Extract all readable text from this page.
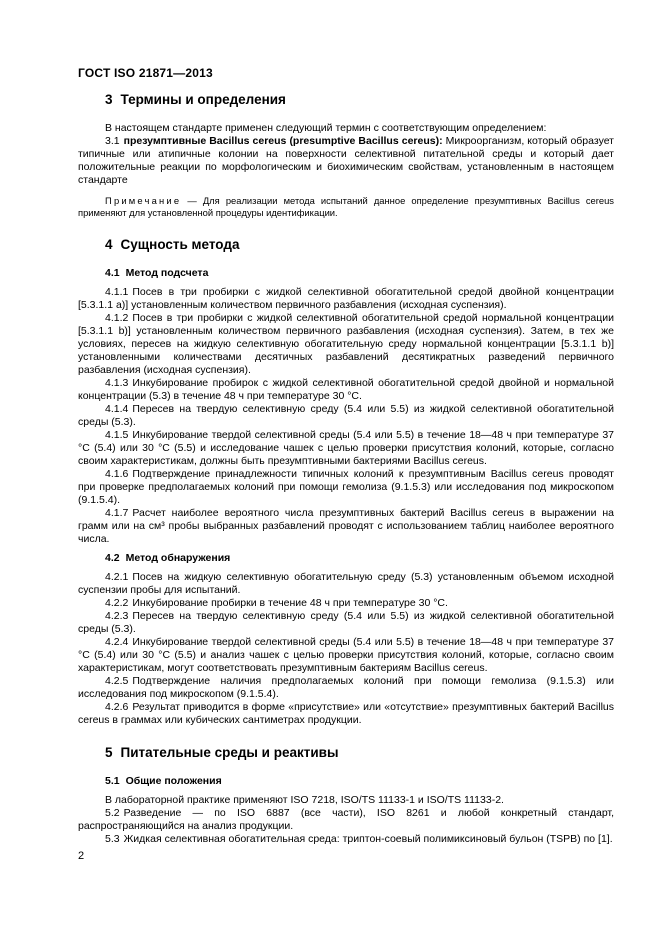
ГОСТ ISO 21871—2013
3 Термины и определения

В настоящем стандарте применен следующий термин с соответствующим определением:

3.1 презумптивные Bacillus cereus (presumptive Bacillus cereus): Микроорганизм, который образует типичные или атипичные колонии на поверхности селективной питательной среды и который дает положительные реакции по морфологическим и биохимическим свойствам, установленным в настоящем стандарте

Примечание — Для реализации метода испытаний данное определение презумптивных Bacillus cereus применяют для установленной процедуры идентификации.

4 Сущность метода
4.1 Метод подсчета

4.1.1 Посев в три пробирки с жидкой селективной обогатительной средой двойной концентрации [5.3.1.1 а)] установленным количеством первичного разбавления (исходная суспензия).

4.1.2 Посев в три пробирки с жидкой селективной обогатительной средой нормальной концентрации [5.3.1.1 b)] установленным количеством первичного разбавления (исходная суспензия). Затем, в тех же условиях, пересев на жидкую селективную обогатительную среду нормальной концентрации [5.3.1.1 b)] установленными количествами десятичных разбавлений десятикратных разведений первичного разбавления (исходная суспензия).

4.1.3 Инкубирование пробирок с жидкой селективной обогатительной средой двойной и нормальной концентрации (5.3) в течение 48 ч при температуре 30 °С.

4.1.4 Пересев на твердую селективную среду (5.4 или 5.5) из жидкой селективной обогатительной среды (5.3).

4.1.5 Инкубирование твердой селективной среды (5.4 или 5.5) в течение 18—48 ч при температуре 37 °С (5.4) или 30 °С (5.5) и исследование чашек с целью проверки присутствия колоний, которые, согласно своим характеристикам, должны быть презумптивными бактериями Bacillus cereus.

4.1.6 Подтверждение принадлежности типичных колоний к презумптивным Bacillus cereus проводят при проверке предполагаемых колоний при помощи гемолиза (9.1.5.3) или исследования под микроскопом (9.1.5.4).

4.1.7 Расчет наиболее вероятного числа презумптивных бактерий Bacillus cereus в выражении на грамм или на см³ пробы выбранных разбавлений проводят с использованием таблиц наиболее вероятного числа.

4.2 Метод обнаружения

4.2.1 Посев на жидкую селективную обогатительную среду (5.3) установленным объемом исходной суспензии пробы для испытаний.

4.2.2 Инкубирование пробирки в течение 48 ч при температуре 30 °С.

4.2.3 Пересев на твердую селективную среду (5.4 или 5.5) из жидкой селективной обогатительной среды (5.3).

4.2.4 Инкубирование твердой селективной среды (5.4 или 5.5) в течение 18—48 ч при температуре 37 °С (5.4) или 30 °С (5.5) и анализ чашек с целью проверки присутствия колоний, которые, согласно своим характеристикам, могут соответствовать презумптивным бактериям Bacillus cereus.

4.2.5 Подтверждение наличия предполагаемых колоний при помощи гемолиза (9.1.5.3) или исследования под микроскопом (9.1.5.4).

4.2.6 Результат приводится в форме «присутствие» или «отсутствие» презумптивных бактерий Bacillus cereus в граммах или кубических сантиметрах продукции.

5 Питательные среды и реактивы
5.1 Общие положения

В лабораторной практике применяют ISO 7218, ISO/TS 11133-1 и ISO/TS 11133-2.

5.2 Разведение — по ISO 6887 (все части), ISO 8261 и любой конкретный стандарт, распространяющийся на анализ продукции.

5.3 Жидкая селективная обогатительная среда: триптон-соевый полимиксиновый бульон (TSPB) по [1].

2
